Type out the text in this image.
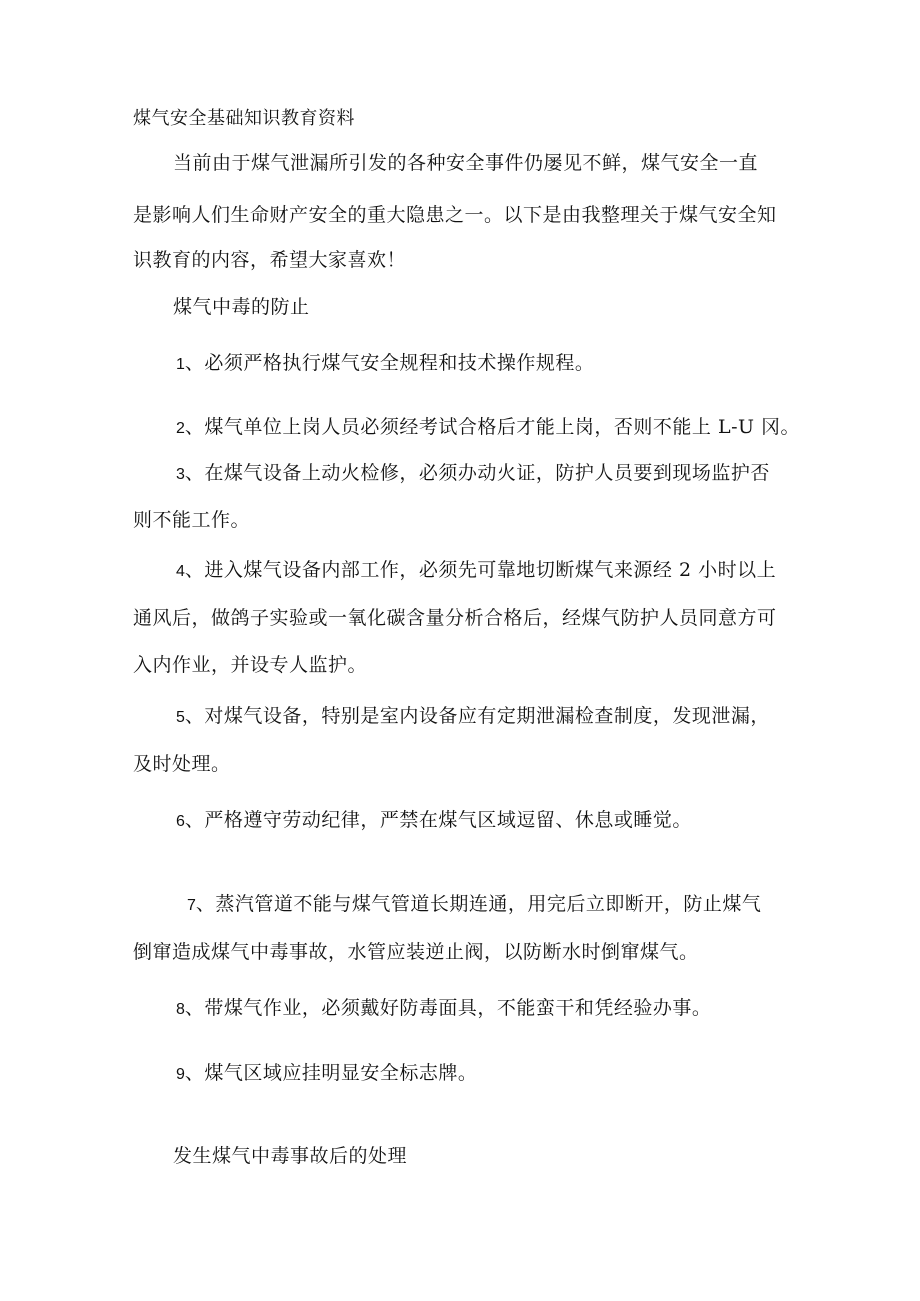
煤气安全基础知识教育资料
当前由于煤气泄漏所引发的各种安全事件仍屡见不鲜，煤气安全一直
是影响人们生命财产安全的重大隐患之一。以下是由我整理关于煤气安全知
识教育的内容，希望大家喜欢！
煤气中毒的防止
1、必须严格执行煤气安全规程和技术操作规程。
2、煤气单位上岗人员必须经考试合格后才能上岗，否则不能上 L-U 冈。
3、在煤气设备上动火检修，必须办动火证，防护人员要到现场监护否
则不能工作。
4、进入煤气设备内部工作，必须先可靠地切断煤气来源经 2 小时以上
通风后，做鸽子实验或一氧化碳含量分析合格后，经煤气防护人员同意方可
入内作业，并设专人监护。
5、对煤气设备，特别是室内设备应有定期泄漏检查制度，发现泄漏，
及时处理。
6、严格遵守劳动纪律，严禁在煤气区域逗留、休息或睡觉。
7、蒸汽管道不能与煤气管道长期连通，用完后立即断开，防止煤气
倒窜造成煤气中毒事故，水管应装逆止阀，以防断水时倒窜煤气。
8、带煤气作业，必须戴好防毒面具，不能蛮干和凭经验办事。
9、煤气区域应挂明显安全标志牌。
发生煤气中毒事故后的处理
